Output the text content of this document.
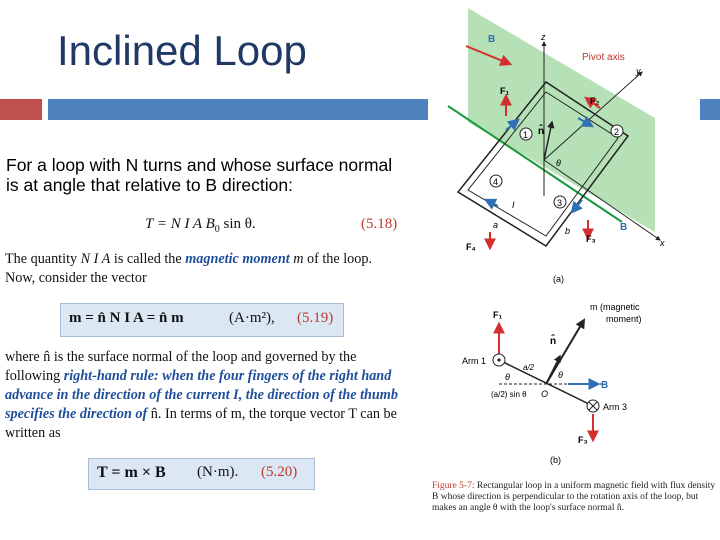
Inclined Loop
For a loop with N turns and whose surface normal is at angle that relative to B direction:
T = N I A $B_0$ sin θ.	(5.18)
The quantity N I A is called the magnetic moment m of the loop. Now, consider the vector
m = n̂ N I A = n̂ m	(A·m²), (5.19)
where n̂ is the surface normal of the loop and governed by the following right-hand rule: when the four fingers of the right hand advance in the direction of the current I, the direction of the thumb specifies the direction of n̂. In terms of m, the torque vector T can be written as
T = m × B (N·m). (5.20)
B	z
Pivot axis
y
F₁
F₂
F₃
F₄
n̂
θ
1	2
3
4
I
a
b	B
x
(a)
F₁
m (magnetic
moment)
n̂
Arm 1
a/2
θ	θ
B
O
(a/2) sin θ
Arm 3
F₃
(b)
Figure 5-7: Rectangular loop in a uniform magnetic field with flux density B whose direction is perpendicular to the rotation axis of the loop, but makes an angle θ with the loop's surface normal n̂.
